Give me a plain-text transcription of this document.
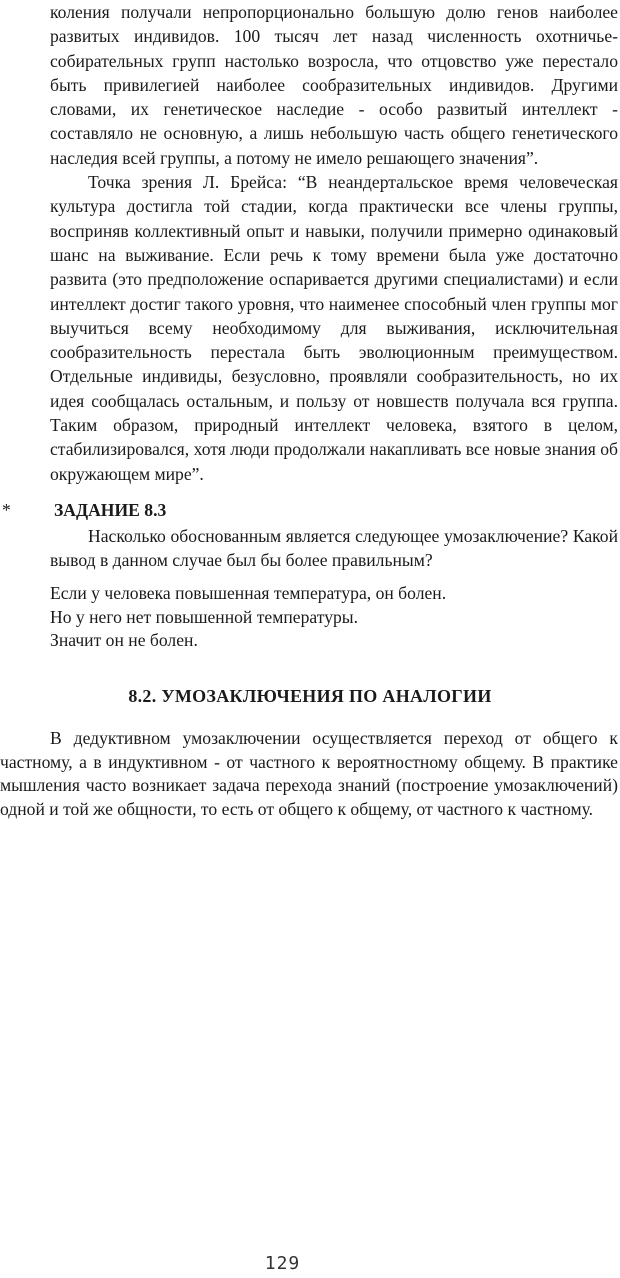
коления получали непропорционально большую долю генов наиболее развитых индивидов. 100 тысяч лет назад численность охотничье-собирательных групп настолько возросла, что отцовство уже перестало быть привилегией наиболее сообразительных индивидов. Другими словами, их генетическое наследие - особо развитый интеллект - составляло не основную, а лишь небольшую часть общего генетического наследия всей группы, а потому не имело решающего значения”.

Точка зрения Л. Брейса: “В неандертальское время человеческая культура достигла той стадии, когда практически все члены группы, восприняв коллективный опыт и навыки, получили примерно одинаковый шанс на выживание. Если речь к тому времени была уже достаточно развита (это предположение оспаривается другими специалистами) и если интеллект достиг такого уровня, что наименее способный член группы мог выучиться всему необходимому для выживания, исключительная сообразительность перестала быть эволюционным преимуществом. Отдельные индивиды, безусловно, проявляли сообразительность, но их идея сообщалась остальным, и пользу от новшеств получала вся группа. Таким образом, природный интеллект человека, взятого в целом, стабилизировался, хотя люди продолжали накапливать все новые знания об окружающем мире”.

* ЗАДАНИЕ 8.3

Насколько обоснованным является следующее умозаключение? Какой вывод в данном случае был бы более правильным?

Если у человека повышенная температура, он болен.
Но у него нет повышенной температуры.
Значит он не болен.
8.2. УМОЗАКЛЮЧЕНИЯ ПО АНАЛОГИИ

В дедуктивном умозаключении осуществляется переход от общего к частному, а в индуктивном - от частного к вероятностному общему. В практике мышления часто возникает задача перехода знаний (построение умозаключений) одной и той же общности, то есть от общего к общему, от частного к частному.

129
